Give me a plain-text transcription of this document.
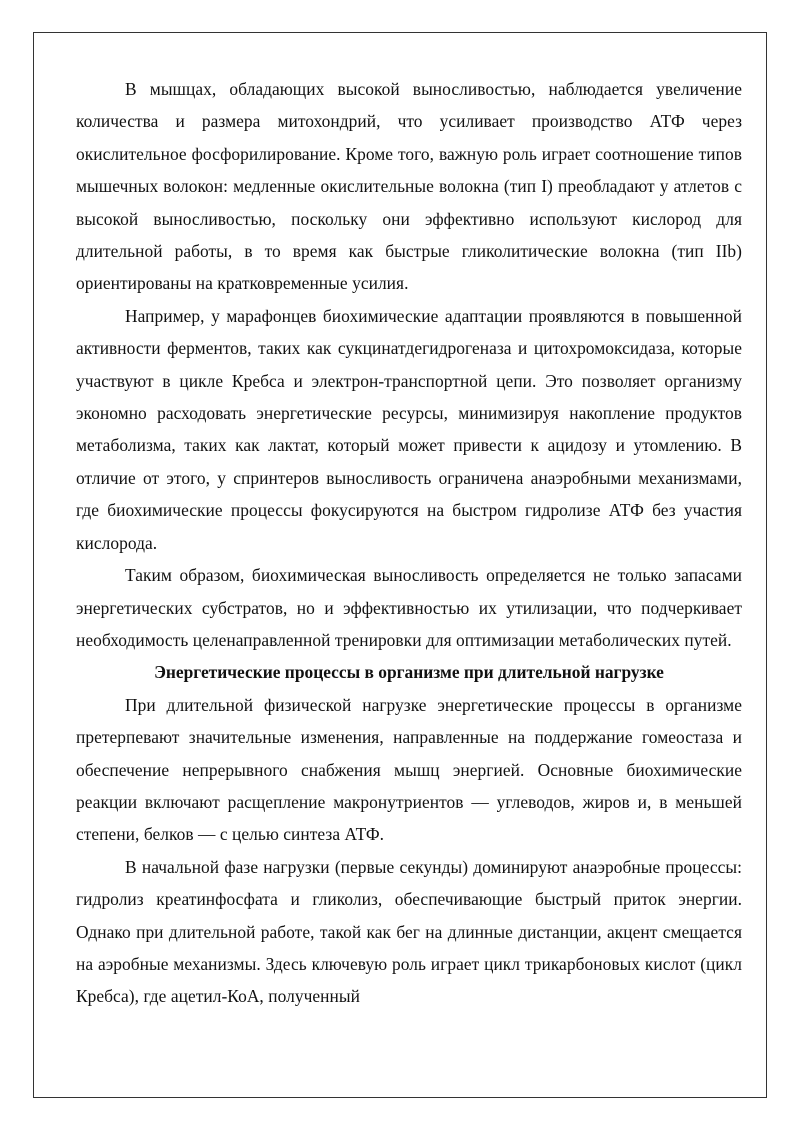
В мышцах, обладающих высокой выносливостью, наблюдается увеличение количества и размера митохондрий, что усиливает производство АТФ через окислительное фосфорилирование. Кроме того, важную роль играет соотношение типов мышечных волокон: медленные окислительные волокна (тип I) преобладают у атлетов с высокой выносливостью, поскольку они эффективно используют кислород для длительной работы, в то время как быстрые гликолитические волокна (тип IIb) ориентированы на кратковременные усилия.

Например, у марафонцев биохимические адаптации проявляются в повышенной активности ферментов, таких как сукцинатдегидрогеназа и цитохромоксидаза, которые участвуют в цикле Кребса и электрон-транспортной цепи. Это позволяет организму экономно расходовать энергетические ресурсы, минимизируя накопление продуктов метаболизма, таких как лактат, который может привести к ацидозу и утомлению. В отличие от этого, у спринтеров выносливость ограничена анаэробными механизмами, где биохимические процессы фокусируются на быстром гидролизе АТФ без участия кислорода.

Таким образом, биохимическая выносливость определяется не только запасами энергетических субстратов, но и эффективностью их утилизации, что подчеркивает необходимость целенаправленной тренировки для оптимизации метаболических путей.

Энергетические процессы в организме при длительной нагрузке

При длительной физической нагрузке энергетические процессы в организме претерпевают значительные изменения, направленные на поддержание гомеостаза и обеспечение непрерывного снабжения мышц энергией. Основные биохимические реакции включают расщепление макронутриентов — углеводов, жиров и, в меньшей степени, белков — с целью синтеза АТФ.

В начальной фазе нагрузки (первые секунды) доминируют анаэробные процессы: гидролиз креатинфосфата и гликолиз, обеспечивающие быстрый приток энергии. Однако при длительной работе, такой как бег на длинные дистанции, акцент смещается на аэробные механизмы. Здесь ключевую роль играет цикл трикарбоновых кислот (цикл Кребса), где ацетил-КоА, полученный
